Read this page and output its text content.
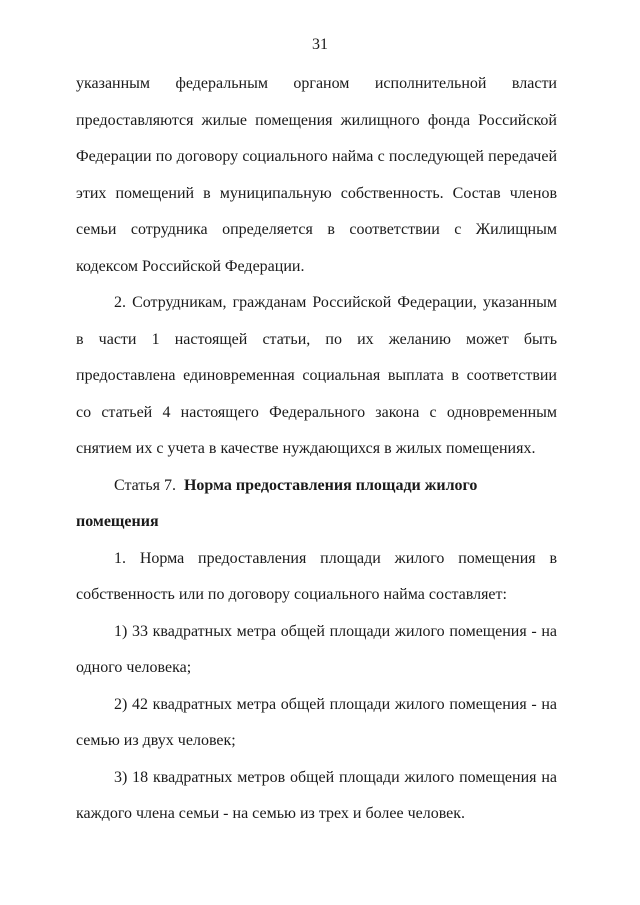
31

указанным федеральным органом исполнительной власти предоставляются жилые помещения жилищного фонда Российской Федерации по договору социального найма с последующей передачей этих помещений в муниципальную собственность. Состав членов семьи сотрудника определяется в соответствии с Жилищным кодексом Российской Федерации.

2. Сотрудникам, гражданам Российской Федерации, указанным в части 1 настоящей статьи, по их желанию может быть предоставлена единовременная социальная выплата в соответствии со статьей 4 настоящего Федерального закона с одновременным снятием их с учета в качестве нуждающихся в жилых помещениях.

Статья 7. Норма предоставления площади жилого помещения

1. Норма предоставления площади жилого помещения в собственность или по договору социального найма составляет:

1) 33 квадратных метра общей площади жилого помещения - на одного человека;

2) 42 квадратных метра общей площади жилого помещения - на семью из двух человек;

3) 18 квадратных метров общей площади жилого помещения на каждого члена семьи - на семью из трех и более человек.
